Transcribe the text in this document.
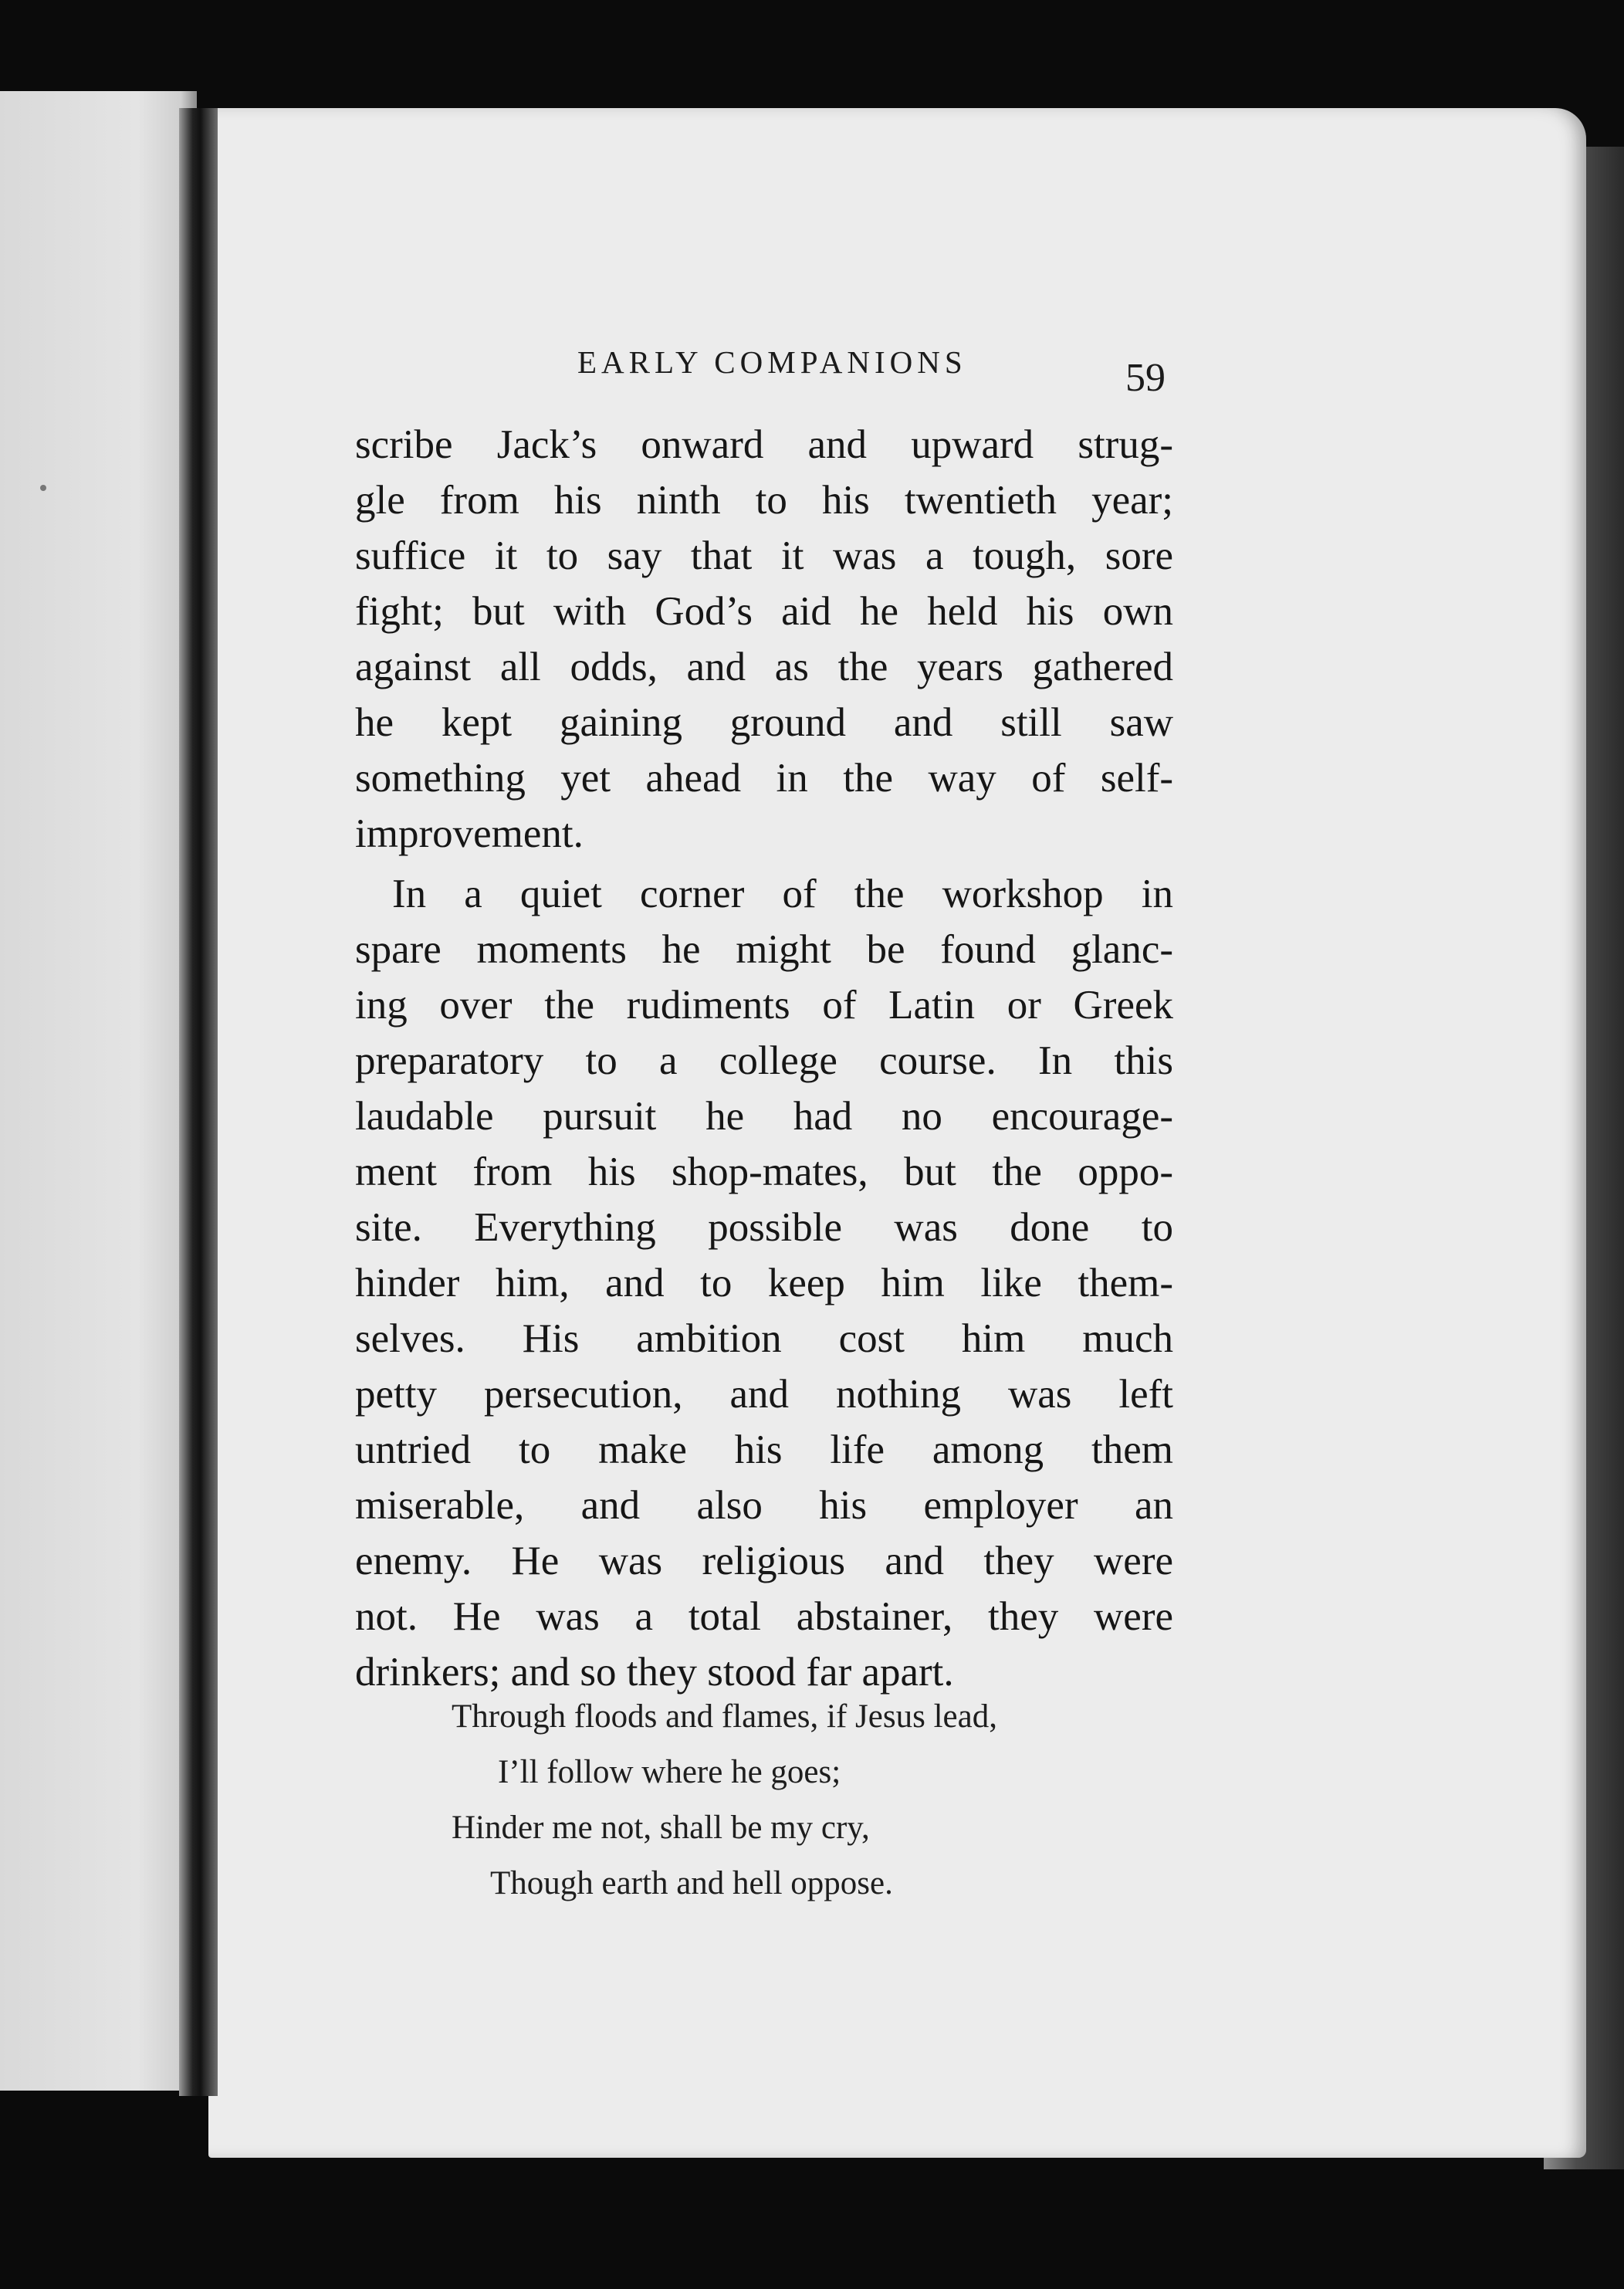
EARLY COMPANIONS	59
scribe Jack’s onward and upward strug-
gle from his ninth to his twentieth year;
suffice it to say that it was a tough, sore
fight; but with God’s aid he held his own
against all odds, and as the years gathered
he kept gaining ground and still saw
something yet ahead in the way of self-
improvement.
In a quiet corner of the workshop in
spare moments he might be found glanc-
ing over the rudiments of Latin or Greek
preparatory to a college course. In this
laudable pursuit he had no encourage-
ment from his shop-mates, but the oppo-
site. Everything possible was done to
hinder him, and to keep him like them-
selves. His ambition cost him much
petty persecution, and nothing was left
untried to make his life among them
miserable, and also his employer an
enemy. He was religious and they were
not. He was a total abstainer, they were
drinkers; and so they stood far apart.
Through floods and flames, if Jesus lead,
I’ll follow where he goes;
Hinder me not, shall be my cry,
Though earth and hell oppose.
